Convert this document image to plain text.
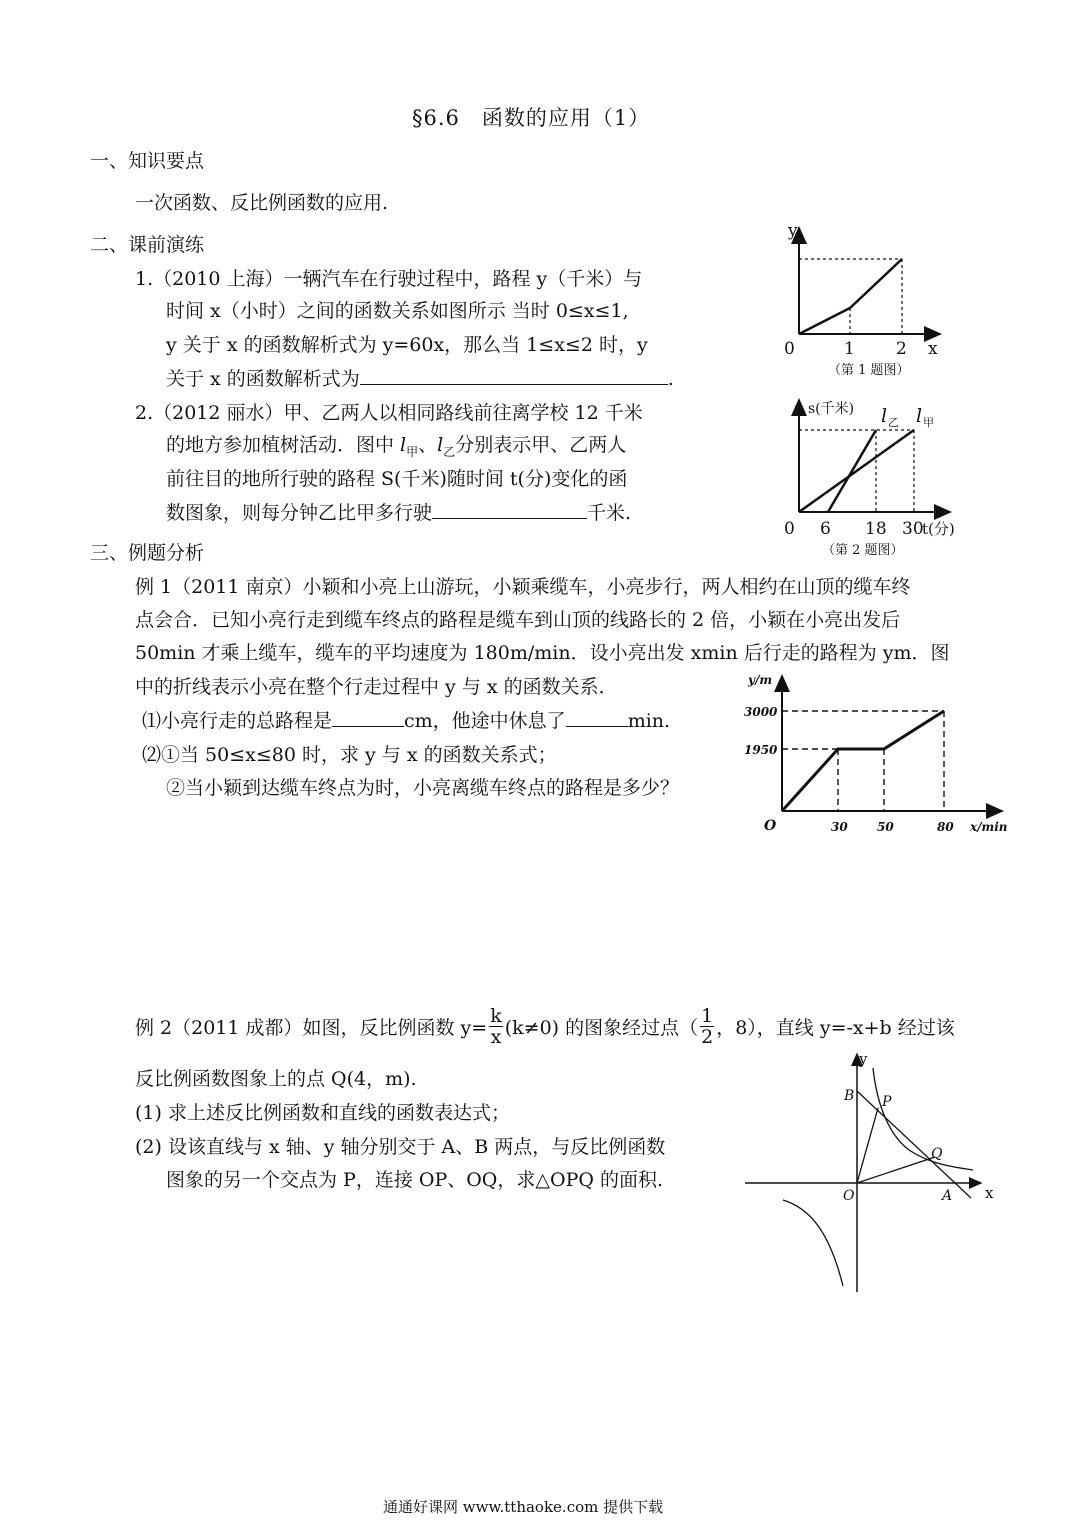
§6.6　函数的应用（1）
一、知识要点
一次函数、反比例函数的应用.
二、课前演练
1.（2010 上海）一辆汽车在行驶过程中，路程 y（千米）与
时间 x（小时）之间的函数关系如图所示 当时 0≤x≤1,
y 关于 x 的函数解析式为 y=60x，那么当 1≤x≤2 时，y
关于 x 的函数解析式为	.
2.（2012 丽水）甲、乙两人以相同路线前往离学校 12 千米
的地方参加植树活动．图中 $l_甲$、$l_乙$分别表示甲、乙两人
前往目的地所行驶的路程 S(千米)随时间 t(分)变化的函
数图象，则每分钟乙比甲多行驶	千米.
y
x
0	1 2
（第 1 题图）
s(千米) l 乙 l 甲
0 6 18 30
t(分)
（第 2 题图）
三、例题分析
例 1（2011 南京）小颖和小亮上山游玩，小颖乘缆车，小亮步行，两人相约在山顶的缆车终
点会合．已知小亮行走到缆车终点的路程是缆车到山顶的线路长的 2 倍，小颖在小亮出发后
50min 才乘上缆车，缆车的平均速度为 180m/min．设小亮出发 xmin 后行走的路程为 ym．图
中的折线表示小亮在整个行走过程中 y 与 x 的函数关系．
⑴小亮行走的总路程是	cm，他途中休息了	min.
⑵①当 50≤x≤80 时，求 y 与 x 的函数关系式；
②当小颖到达缆车终点为时，小亮离缆车终点的路程是多少？
y/m
3000
1950
O	30 50	80 x/min
例 2（2011 成都）如图，反比例函数 $y= \frac{k}{x} (k\ne 0)$ 的图象经过点（ $\frac{1}{2}$ ，8），直线 y=-x+b 经过该
反比例函数图象上的点 Q(4，m).
(1) 求上述反比例函数和直线的函数表达式；
(2) 设该直线与 x 轴、y 轴分别交于 A、B 两点，与反比例函数
图象的另一个交点为 P，连接 OP、OQ，求△OPQ 的面积.
y
x
O
B P
Q
A
通通好课网 www.tthaoke.com 提供下载
